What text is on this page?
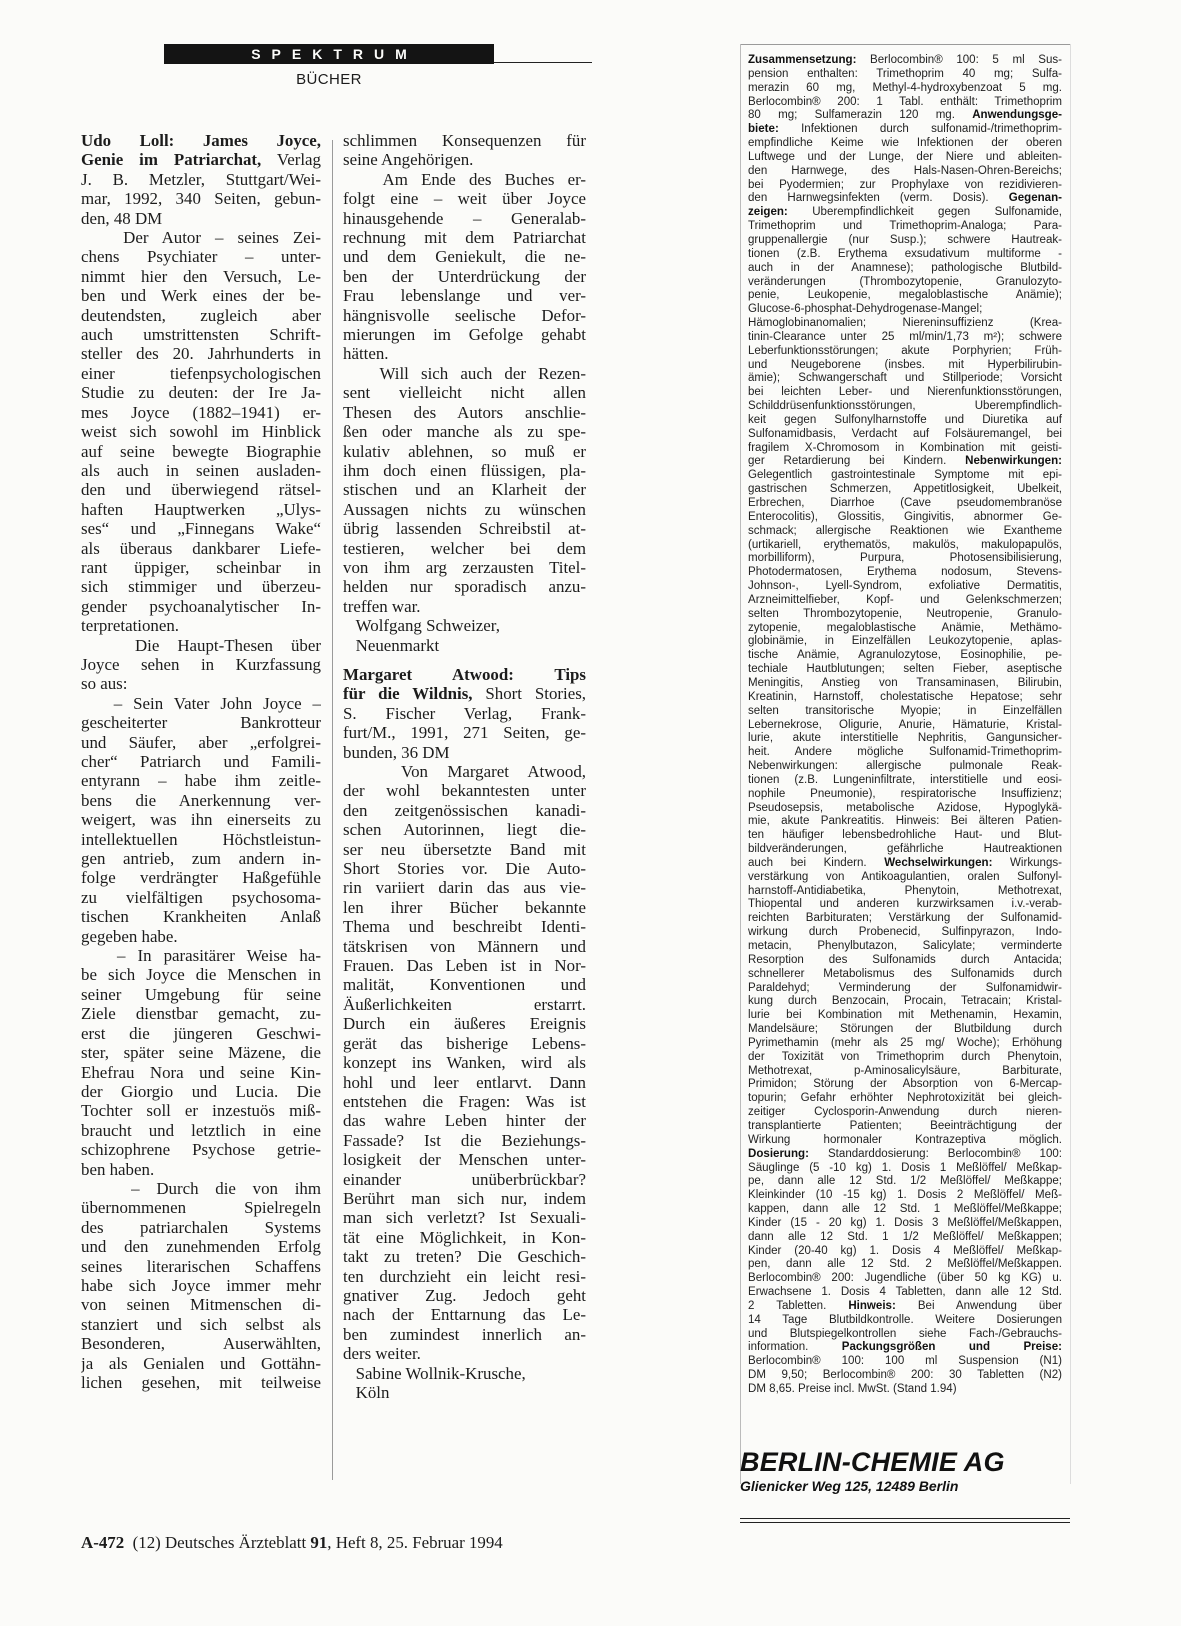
SPEKTRUM
BÜCHER
Udo Loll: James Joyce,
Genie im Patriarchat, Verlag
J. B. Metzler, Stuttgart/Wei-
mar, 1992, 340 Seiten, gebun-
den, 48 DM
Der Autor – seines Zei-
chens Psychiater – unter-
nimmt hier den Versuch, Le-
ben und Werk eines der be-
deutendsten, zugleich aber
auch umstrittensten Schrift-
steller des 20. Jahrhunderts in
einer tiefenpsychologischen
Studie zu deuten: der Ire Ja-
mes Joyce (1882–1941) er-
weist sich sowohl im Hinblick
auf seine bewegte Biographie
als auch in seinen ausladen-
den und überwiegend rätsel-
haften Hauptwerken „Ulys-
ses“ und „Finnegans Wake“
als überaus dankbarer Liefe-
rant üppiger, scheinbar in
sich stimmiger und überzeu-
gender psychoanalytischer In-
terpretationen.
Die Haupt-Thesen über
Joyce sehen in Kurzfassung
so aus:
– Sein Vater John Joyce –
gescheiterter Bankrotteur
und Säufer, aber „erfolgrei-
cher“ Patriarch und Famili-
entyrann – habe ihm zeitle-
bens die Anerkennung ver-
weigert, was ihn einerseits zu
intellektuellen Höchstleistun-
gen antrieb, zum andern in-
folge verdrängter Haßgefühle
zu vielfältigen psychosoma-
tischen Krankheiten Anlaß
gegeben habe.
– In parasitärer Weise ha-
be sich Joyce die Menschen in
seiner Umgebung für seine
Ziele dienstbar gemacht, zu-
erst die jüngeren Geschwi-
ster, später seine Mäzene, die
Ehefrau Nora und seine Kin-
der Giorgio und Lucia. Die
Tochter soll er inzestuös miß-
braucht und letztlich in eine
schizophrene Psychose getrie-
ben haben.
– Durch die von ihm
übernommenen Spielregeln
des patriarchalen Systems
und den zunehmenden Erfolg
seines literarischen Schaffens
habe sich Joyce immer mehr
von seinen Mitmenschen di-
stanziert und sich selbst als
Besonderen, Auserwählten,
ja als Genialen und Gottähn-
lichen gesehen, mit teilweise
schlimmen Konsequenzen für
seine Angehörigen.
Am Ende des Buches er-
folgt eine – weit über Joyce
hinausgehende – Generalab-
rechnung mit dem Patriarchat
und dem Geniekult, die ne-
ben der Unterdrückung der
Frau lebenslange und ver-
hängnisvolle seelische Defor-
mierungen im Gefolge gehabt
hätten.
Will sich auch der Rezen-
sent vielleicht nicht allen
Thesen des Autors anschlie-
ßen oder manche als zu spe-
kulativ ablehnen, so muß er
ihm doch einen flüssigen, pla-
stischen und an Klarheit der
Aussagen nichts zu wünschen
übrig lassenden Schreibstil at-
testieren, welcher bei dem
von ihm arg zerzausten Titel-
helden nur sporadisch anzu-
treffen war.
Wolfgang Schweizer,
Neuenmarkt
Margaret Atwood: Tips
für die Wildnis, Short Stories,
S. Fischer Verlag, Frank-
furt/M., 1991, 271 Seiten, ge-
bunden, 36 DM
Von Margaret Atwood,
der wohl bekanntesten unter
den zeitgenössischen kanadi-
schen Autorinnen, liegt die-
ser neu übersetzte Band mit
Short Stories vor. Die Auto-
rin variiert darin das aus vie-
len ihrer Bücher bekannte
Thema und beschreibt Identi-
tätskrisen von Männern und
Frauen. Das Leben ist in Nor-
malität, Konventionen und
Äußerlichkeiten erstarrt.
Durch ein äußeres Ereignis
gerät das bisherige Lebens-
konzept ins Wanken, wird als
hohl und leer entlarvt. Dann
entstehen die Fragen: Was ist
das wahre Leben hinter der
Fassade? Ist die Beziehungs-
losigkeit der Menschen unter-
einander unüberbrückbar?
Berührt man sich nur, indem
man sich verletzt? Ist Sexuali-
tät eine Möglichkeit, in Kon-
takt zu treten? Die Geschich-
ten durchzieht ein leicht resi-
gnativer Zug. Jedoch geht
nach der Enttarnung das Le-
ben zumindest innerlich an-
ders weiter.
Sabine Wollnik-Krusche,
Köln
Zusammensetzung: Berlocombin® 100: 5 ml Sus-
pension enthalten: Trimethoprim 40 mg; Sulfa-
merazin 60 mg, Methyl-4-hydroxybenzoat 5 mg.
Berlocombin® 200: 1 Tabl. enthält: Trimethoprim
80 mg; Sulfamerazin 120 mg. Anwendungsge-
biete: Infektionen durch sulfonamid-/trimethoprim-
empfindliche Keime wie Infektionen der oberen
Luftwege und der Lunge, der Niere und ableiten-
den Harnwege, des Hals-Nasen-Ohren-Bereichs;
bei Pyodermien; zur Prophylaxe von rezidivieren-
den Harnwegsinfekten (verm. Dosis). Gegenan-
zeigen: Überempfindlichkeit gegen Sulfonamide,
Trimethoprim und Trimethoprim-Analoga; Para-
gruppenallergie (nur Susp.); schwere Hautreak-
tionen (z.B. Erythema exsudativum multiforme -
auch in der Anamnese); pathologische Blutbild-
veränderungen (Thrombozytopenie, Granulozyto-
penie, Leukopenie, megaloblastische Anämie);
Glucose-6-phosphat-Dehydrogenase-Mangel;
Hämoglobinanomalien; Niereninsuffizienz (Krea-
tinin-Clearance unter 25 ml/min/1,73 m²); schwere
Leberfunktionsstörungen; akute Porphyrien; Früh-
und Neugeborene (insbes. mit Hyperbilirubin-
ämie); Schwangerschaft und Stillperiode; Vorsicht
bei leichten Leber- und Nierenfunktionsstörungen,
Schilddrüsenfunktionsstörungen, Überempfindlich-
keit gegen Sulfonylharnstoffe und Diuretika auf
Sulfonamidbasis, Verdacht auf Folsäuremangel, bei
fragilem X-Chromosom in Kombination mit geisti-
ger Retardierung bei Kindern. Nebenwirkungen:
Gelegentlich gastrointestinale Symptome mit epi-
gastrischen Schmerzen, Appetitlosigkeit, Übelkeit,
Erbrechen, Diarrhoe (Cave pseudomembranöse
Enterocolitis), Glossitis, Gingivitis, abnormer Ge-
schmack; allergische Reaktionen wie Exantheme
(urtikariell, erythematös, makulös, makulopapulös,
morbilliform), Purpura, Photosensibilisierung,
Photodermatosen, Erythema nodosum, Stevens-
Johnson-, Lyell-Syndrom, exfoliative Dermatitis,
Arzneimittelfieber, Kopf- und Gelenkschmerzen;
selten Thrombozytopenie, Neutropenie, Granulo-
zytopenie, megaloblastische Anämie, Methämo-
globinämie, in Einzelfällen Leukozytopenie, aplas-
tische Anämie, Agranulozytose, Eosinophilie, pe-
techiale Hautblutungen; selten Fieber, aseptische
Meningitis, Anstieg von Transaminasen, Bilirubin,
Kreatinin, Harnstoff, cholestatische Hepatose; sehr
selten transitorische Myopie; in Einzelfällen
Lebernekrose, Oligurie, Anurie, Hämaturie, Kristal-
lurie, akute interstitielle Nephritis, Gangunsicher-
heit. Andere mögliche Sulfonamid-Trimethoprim-
Nebenwirkungen: allergische pulmonale Reak-
tionen (z.B. Lungeninfiltrate, interstitielle und eosi-
nophile Pneumonie), respiratorische Insuffizienz;
Pseudosepsis, metabolische Azidose, Hypoglykä-
mie, akute Pankreatitis. Hinweis: Bei älteren Patien-
ten häufiger lebensbedrohliche Haut- und Blut-
bildveränderungen, gefährliche Hautreaktionen
auch bei Kindern. Wechselwirkungen: Wirkungs-
verstärkung von Antikoagulantien, oralen Sulfonyl-
harnstoff-Antidiabetika, Phenytoin, Methotrexat,
Thiopental und anderen kurzwirksamen i.v.-verab-
reichten Barbituraten; Verstärkung der Sulfonamid-
wirkung durch Probenecid, Sulfinpyrazon, Indo-
metacin, Phenylbutazon, Salicylate; verminderte
Resorption des Sulfonamids durch Antacida;
schnellerer Metabolismus des Sulfonamids durch
Paraldehyd; Verminderung der Sulfonamidwir-
kung durch Benzocain, Procain, Tetracain; Kristal-
lurie bei Kombination mit Methenamin, Hexamin,
Mandelsäure; Störungen der Blutbildung durch
Pyrimethamin (mehr als 25 mg/ Woche); Erhöhung
der Toxizität von Trimethoprim durch Phenytoin,
Methotrexat, p-Aminosalicylsäure, Barbiturate,
Primidon; Störung der Absorption von 6-Mercap-
topurin; Gefahr erhöhter Nephrotoxizität bei gleich-
zeitiger Cyclosporin-Anwendung durch nieren-
transplantierte Patienten; Beeinträchtigung der
Wirkung hormonaler Kontrazeptiva möglich.
Dosierung: Standarddosierung: Berlocombin® 100:
Säuglinge (5 -10 kg) 1. Dosis 1 Meßlöffel/ Meßkap-
pe, dann alle 12 Std. 1/2 Meßlöffel/ Meßkappe;
Kleinkinder (10 -15 kg) 1. Dosis 2 Meßlöffel/ Meß-
kappen, dann alle 12 Std. 1 Meßlöffel/Meßkappe;
Kinder (15 - 20 kg) 1. Dosis 3 Meßlöffel/Meßkappen,
dann alle 12 Std. 1 1/2 Meßlöffel/ Meßkappen;
Kinder (20-40 kg) 1. Dosis 4 Meßlöffel/ Meßkap-
pen, dann alle 12 Std. 2 Meßlöffel/Meßkappen.
Berlocombin® 200: Jugendliche (über 50 kg KG) u.
Erwachsene 1. Dosis 4 Tabletten, dann alle 12 Std.
2 Tabletten. Hinweis: Bei Anwendung über
14 Tage Blutbildkontrolle. Weitere Dosierungen
und Blutspiegelkontrollen siehe Fach-/Gebrauchs-
information. Packungsgrößen und Preise:
Berlocombin® 100: 100 ml Suspension (N1)
DM 9,50; Berlocombin® 200: 30 Tabletten (N2)
DM 8,65. Preise incl. MwSt. (Stand 1.94)
BERLIN-CHEMIE AG
Glienicker Weg 125, 12489 Berlin
A-472 (12) Deutsches Ärzteblatt 91, Heft 8, 25. Februar 1994
